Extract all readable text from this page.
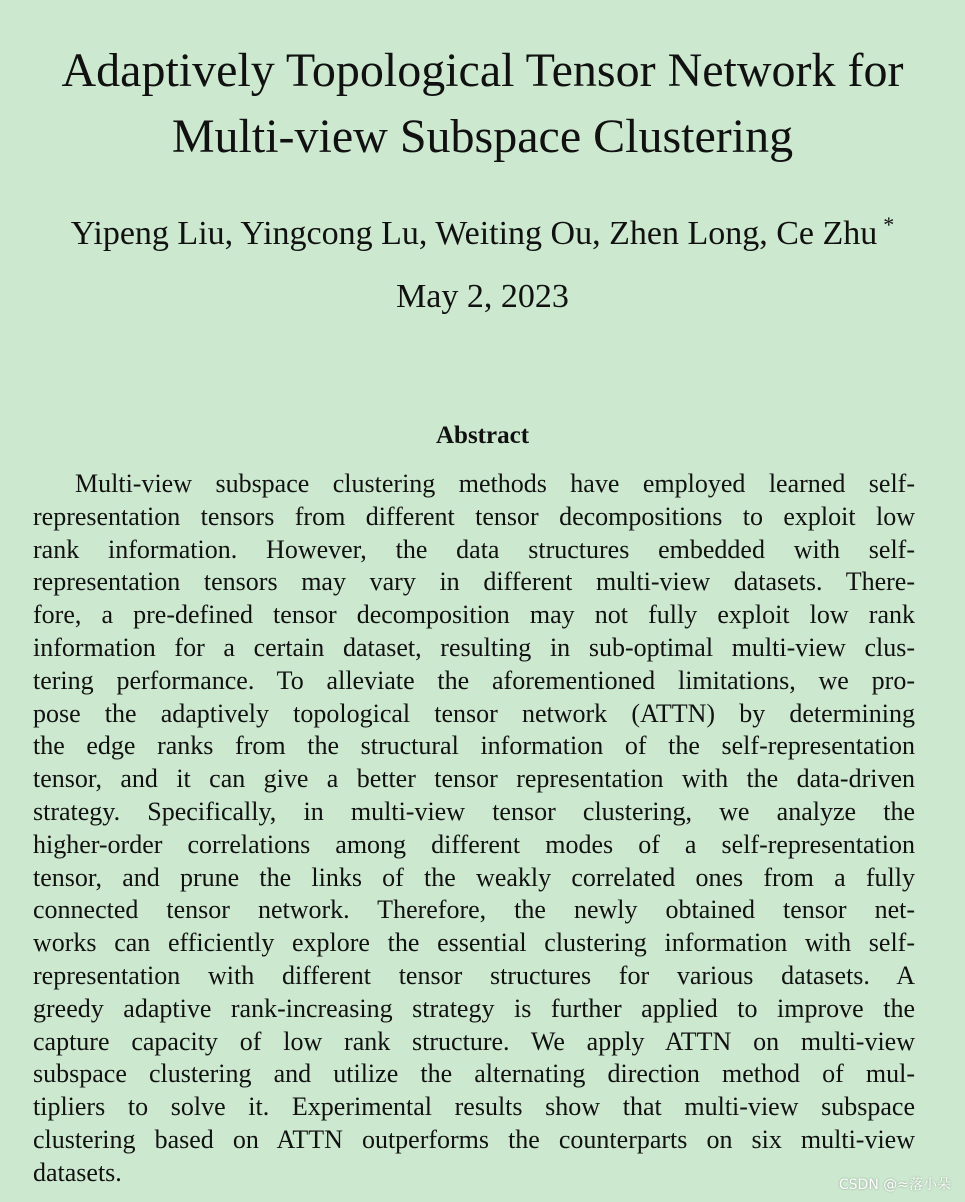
Adaptively Topological Tensor Network for
Multi-view Subspace Clustering
Yipeng Liu, Yingcong Lu, Weiting Ou, Zhen Long, Ce Zhu *
May 2, 2023
Abstract
Multi-view subspace clustering methods have employed learned self-
representation tensors from different tensor decompositions to exploit low
rank information. However, the data structures embedded with self-
representation tensors may vary in different multi-view datasets. There-
fore, a pre-defined tensor decomposition may not fully exploit low rank
information for a certain dataset, resulting in sub-optimal multi-view clus-
tering performance. To alleviate the aforementioned limitations, we pro-
pose the adaptively topological tensor network (ATTN) by determining
the edge ranks from the structural information of the self-representation
tensor, and it can give a better tensor representation with the data-driven
strategy. Specifically, in multi-view tensor clustering, we analyze the
higher-order correlations among different modes of a self-representation
tensor, and prune the links of the weakly correlated ones from a fully
connected tensor network. Therefore, the newly obtained tensor net-
works can efficiently explore the essential clustering information with self-
representation with different tensor structures for various datasets. A
greedy adaptive rank-increasing strategy is further applied to improve the
capture capacity of low rank structure. We apply ATTN on multi-view
subspace clustering and utilize the alternating direction method of mul-
tipliers to solve it. Experimental results show that multi-view subspace
clustering based on ATTN outperforms the counterparts on six multi-view
datasets.	CSDN @≈落小朵
